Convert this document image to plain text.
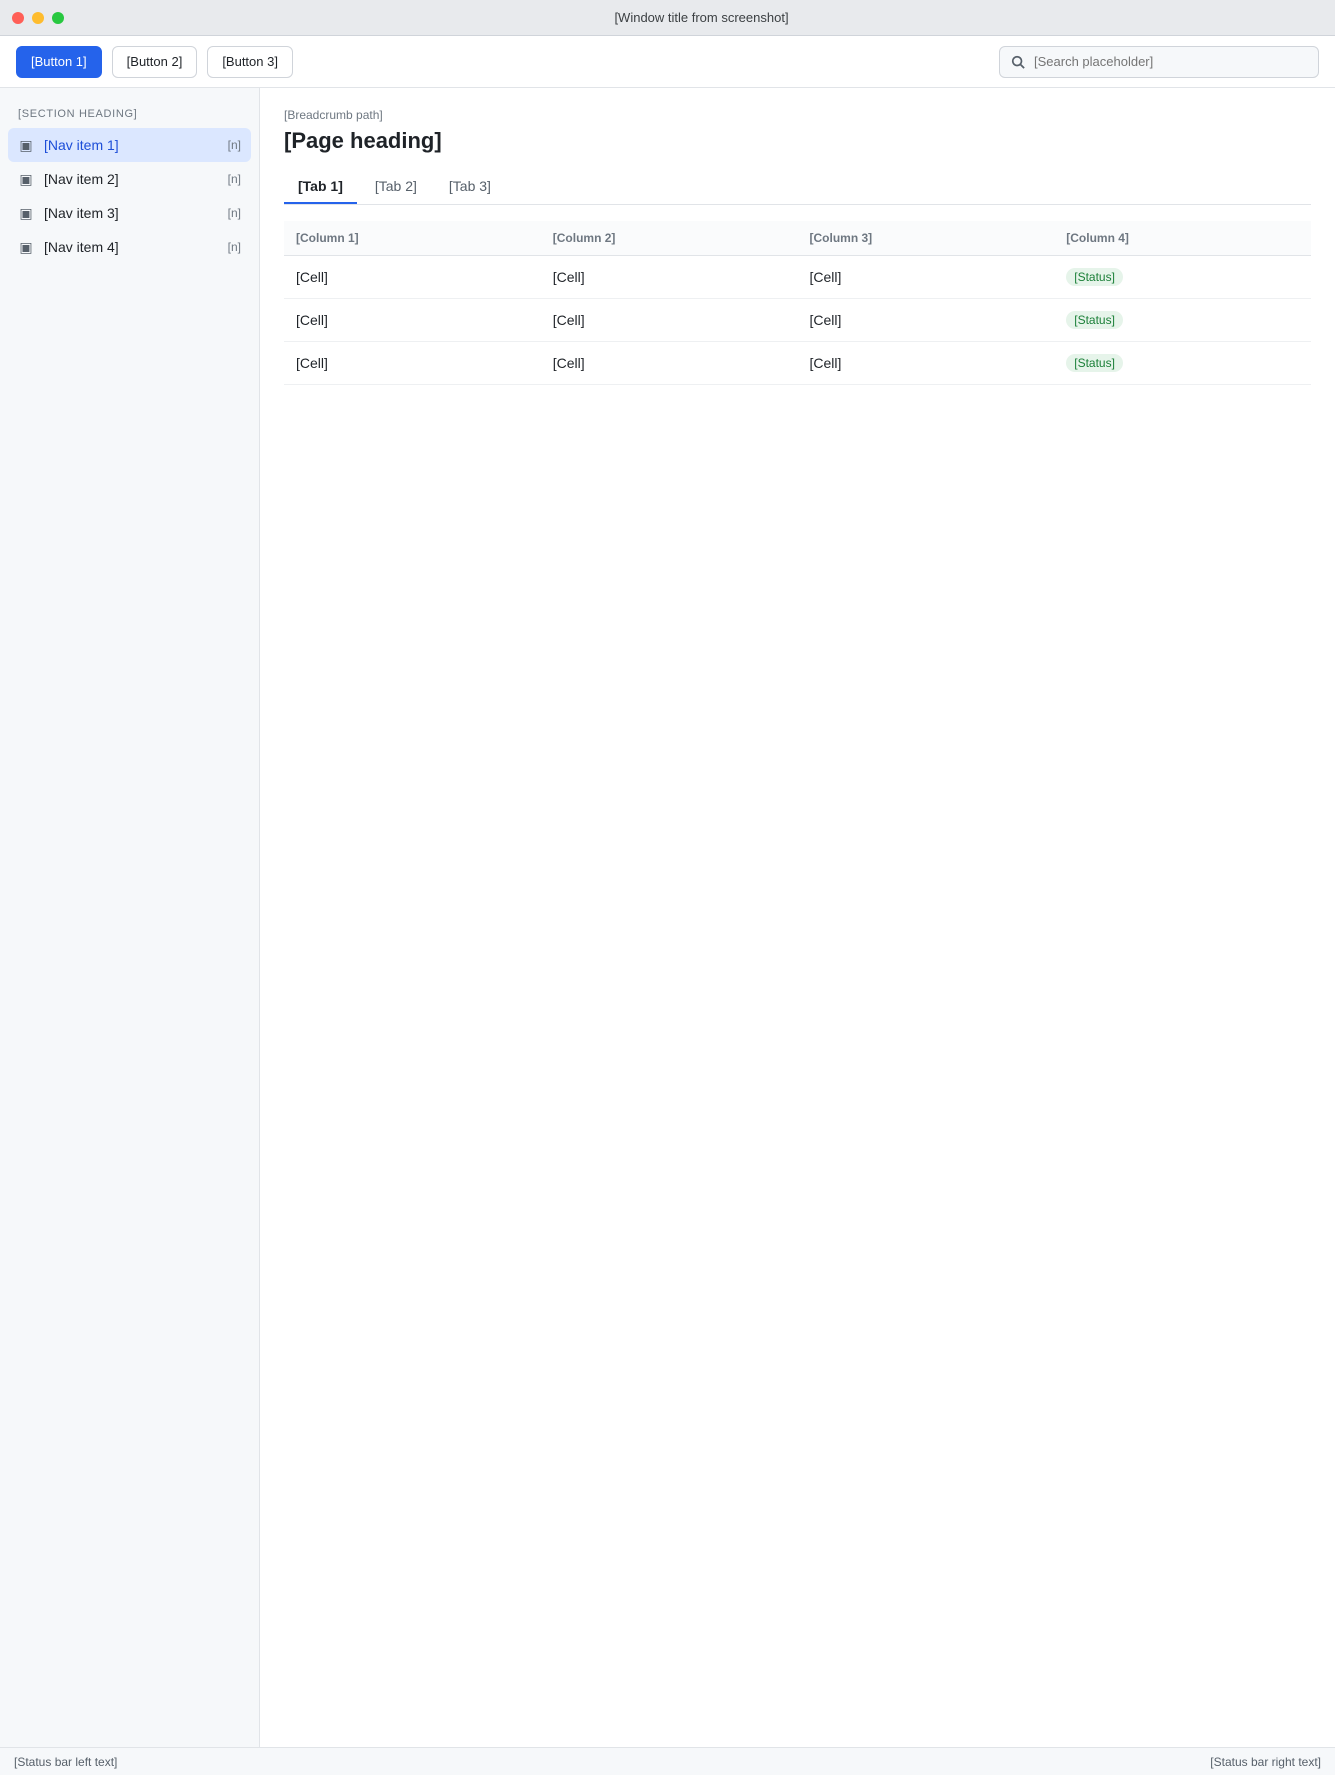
[Window title from screenshot]
[Button 1]	[Button 2]	[Button 3]
[Search placeholder]
[SECTION HEADING]
▣ [Nav item 1]	[n]
▣ [Nav item 2]	[n]
▣ [Nav item 3]	[n]
▣ [Nav item 4]	[n]
[Breadcrumb path]
[Page heading]
[Tab 1]	[Tab 2]	[Tab 3]
[Column 1]	[Column 2]	[Column 3]	[Column 4]
[Cell]	[Cell]	[Cell]	[Status]
[Cell]	[Cell]	[Cell]	[Status]
[Cell]	[Cell]	[Cell]	[Status]
[Status bar left text]	[Status bar right text]
